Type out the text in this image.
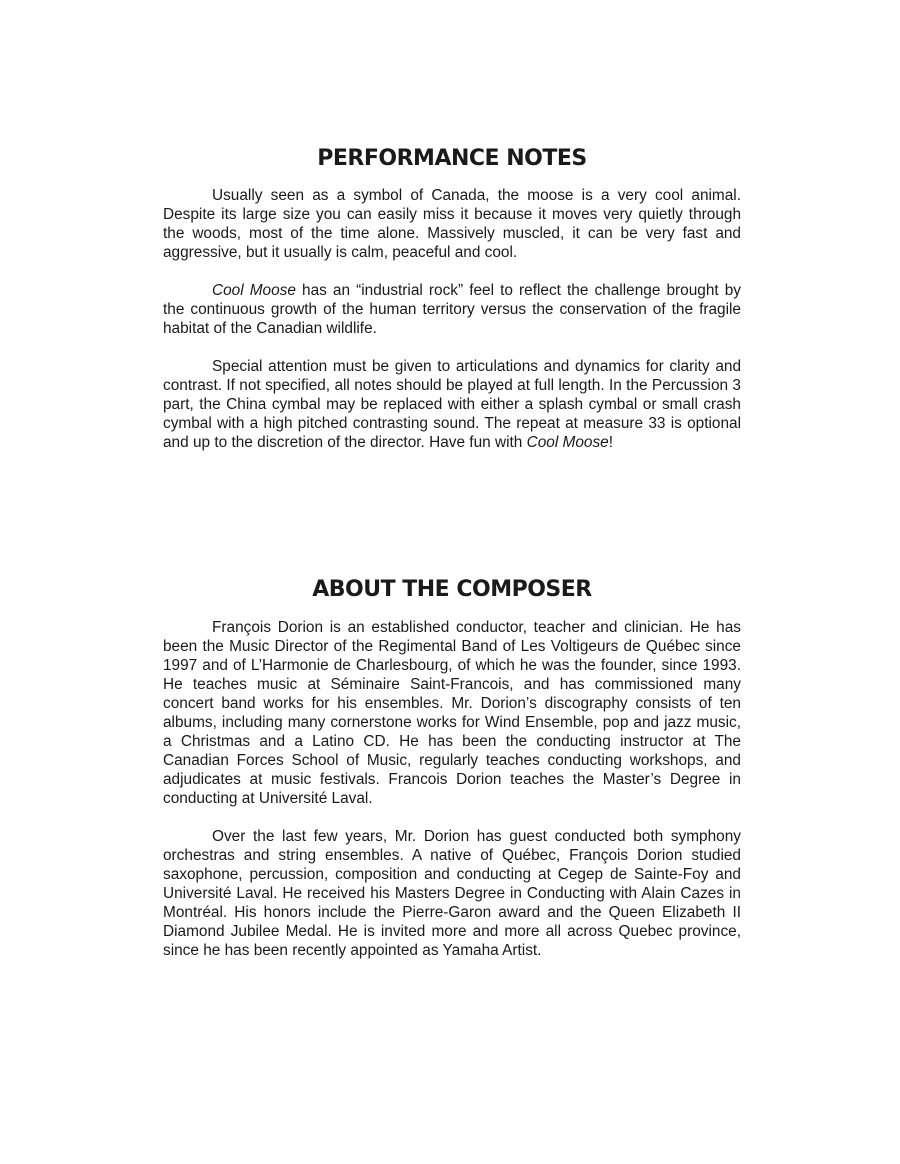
PERFORMANCE NOTES

Usually seen as a symbol of Canada, the moose is a very cool animal. Despite its large size you can easily miss it because it moves very quietly through the woods, most of the time alone. Massively muscled, it can be very fast and aggressive, but it usually is calm, peaceful and cool.

Cool Moose has an “industrial rock” feel to reflect the challenge brought by the continuous growth of the human territory versus the conservation of the fragile habitat of the Canadian wildlife.

Special attention must be given to articulations and dynamics for clarity and contrast. If not specified, all notes should be played at full length. In the Percussion 3 part, the China cymbal may be replaced with either a splash cymbal or small crash cymbal with a high pitched contrasting sound. The repeat at measure 33 is optional and up to the discretion of the director. Have fun with Cool Moose!

ABOUT THE COMPOSER

François Dorion is an established conductor, teacher and clinician. He has been the Music Director of the Regimental Band of Les Voltigeurs de Québec since 1997 and of L’Harmonie de Charlesbourg, of which he was the founder, since 1993. He teaches music at Séminaire Saint-Francois, and has commissioned many concert band works for his ensembles. Mr. Dorion’s discography consists of ten albums, including many cornerstone works for Wind Ensemble, pop and jazz music, a Christmas and a Latino CD. He has been the conducting instructor at The Canadian Forces School of Music, regularly teaches conducting workshops, and adjudicates at music festivals. Francois Dorion teaches the Master’s Degree in conducting at Université Laval.

Over the last few years, Mr. Dorion has guest conducted both symphony orchestras and string ensembles. A native of Québec, François Dorion studied saxophone, percussion, composition and conducting at Cegep de Sainte-Foy and Université Laval. He received his Masters Degree in Conducting with Alain Cazes in Montréal. His honors include the Pierre-Garon award and the Queen Elizabeth II Diamond Jubilee Medal. He is invited more and more all across Quebec province, since he has been recently appointed as Yamaha Artist.
